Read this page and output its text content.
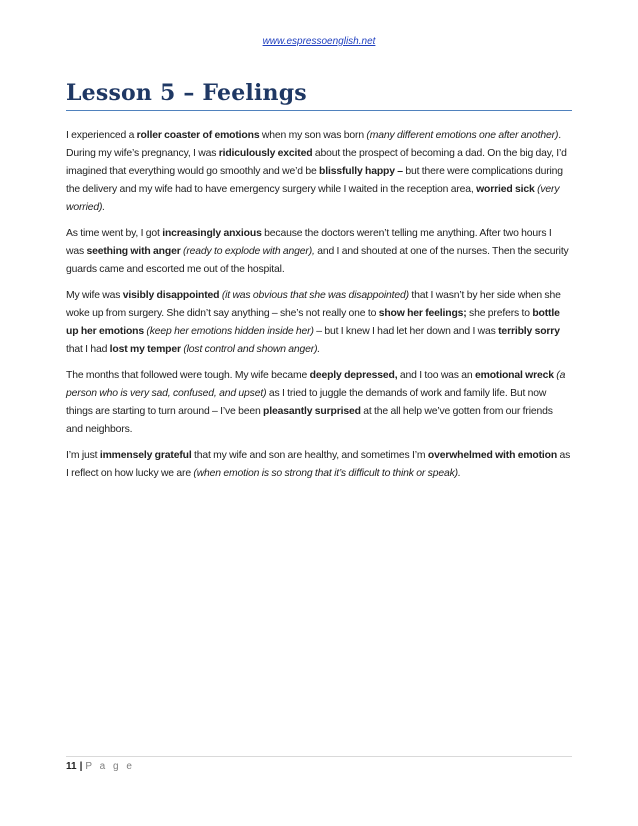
www.espressoenglish.net
Lesson 5 – Feelings

I experienced a roller coaster of emotions when my son was born (many different emotions one after another). During my wife’s pregnancy, I was ridiculously excited about the prospect of becoming a dad. On the big day, I’d imagined that everything would go smoothly and we’d be blissfully happy – but there were complications during the delivery and my wife had to have emergency surgery while I waited in the reception area, worried sick (very worried).

As time went by, I got increasingly anxious because the doctors weren’t telling me anything. After two hours I was seething with anger (ready to explode with anger), and I and shouted at one of the nurses. Then the security guards came and escorted me out of the hospital.

My wife was visibly disappointed (it was obvious that she was disappointed) that I wasn’t by her side when she woke up from surgery. She didn’t say anything – she’s not really one to show her feelings; she prefers to bottle up her emotions (keep her emotions hidden inside her) – but I knew I had let her down and I was terribly sorry that I had lost my temper (lost control and shown anger).

The months that followed were tough. My wife became deeply depressed, and I too was an emotional wreck (a person who is very sad, confused, and upset) as I tried to juggle the demands of work and family life. But now things are starting to turn around – I’ve been pleasantly surprised at the all help we’ve gotten from our friends and neighbors.

I’m just immensely grateful that my wife and son are healthy, and sometimes I’m overwhelmed with emotion as I reflect on how lucky we are (when emotion is so strong that it’s difficult to think or speak).

11 | P a g e
